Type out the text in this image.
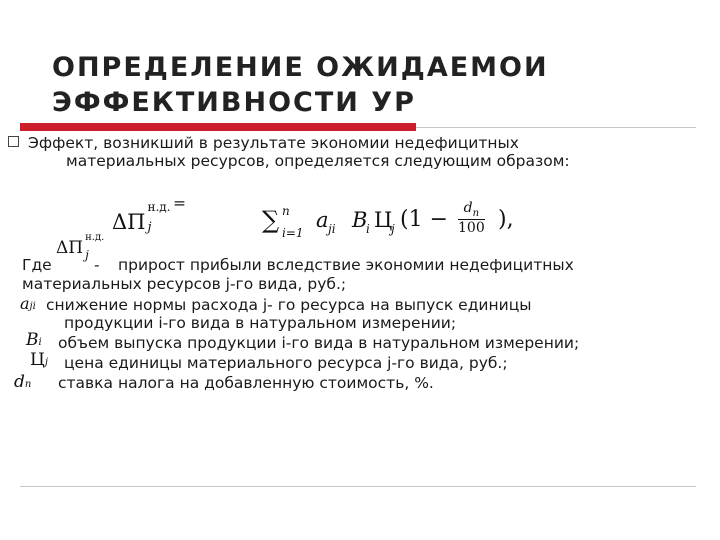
ОПРЕДЕЛЕНИЕ ОЖИДАЕМОИ
ЭФФЕКТИВНОСТИ УР

Эффект, возникший в результате экономии недефицитных

материальных ресурсов, определяется следующим образом:

ΔП
н.д.
j
=
∑ n
i=1
a ji B
i Ц
j ($1 - \frac{d_n}{100}$ ),

Где

ΔП
н.д.
j

- прирост прибыли вследствие экономии недефицитных

материальных ресурсов j-го вида, руб.;

aji снижение нормы расхода j- го ресурса на выпуск единицы

продукции i-го вида в натуральном измерении;

Bi объем выпуска продукции i-го вида в натуральном измерении;

Цj цена единицы материального ресурса j-го вида, руб.;

dn ставка налога на добавленную стоимость, %.
